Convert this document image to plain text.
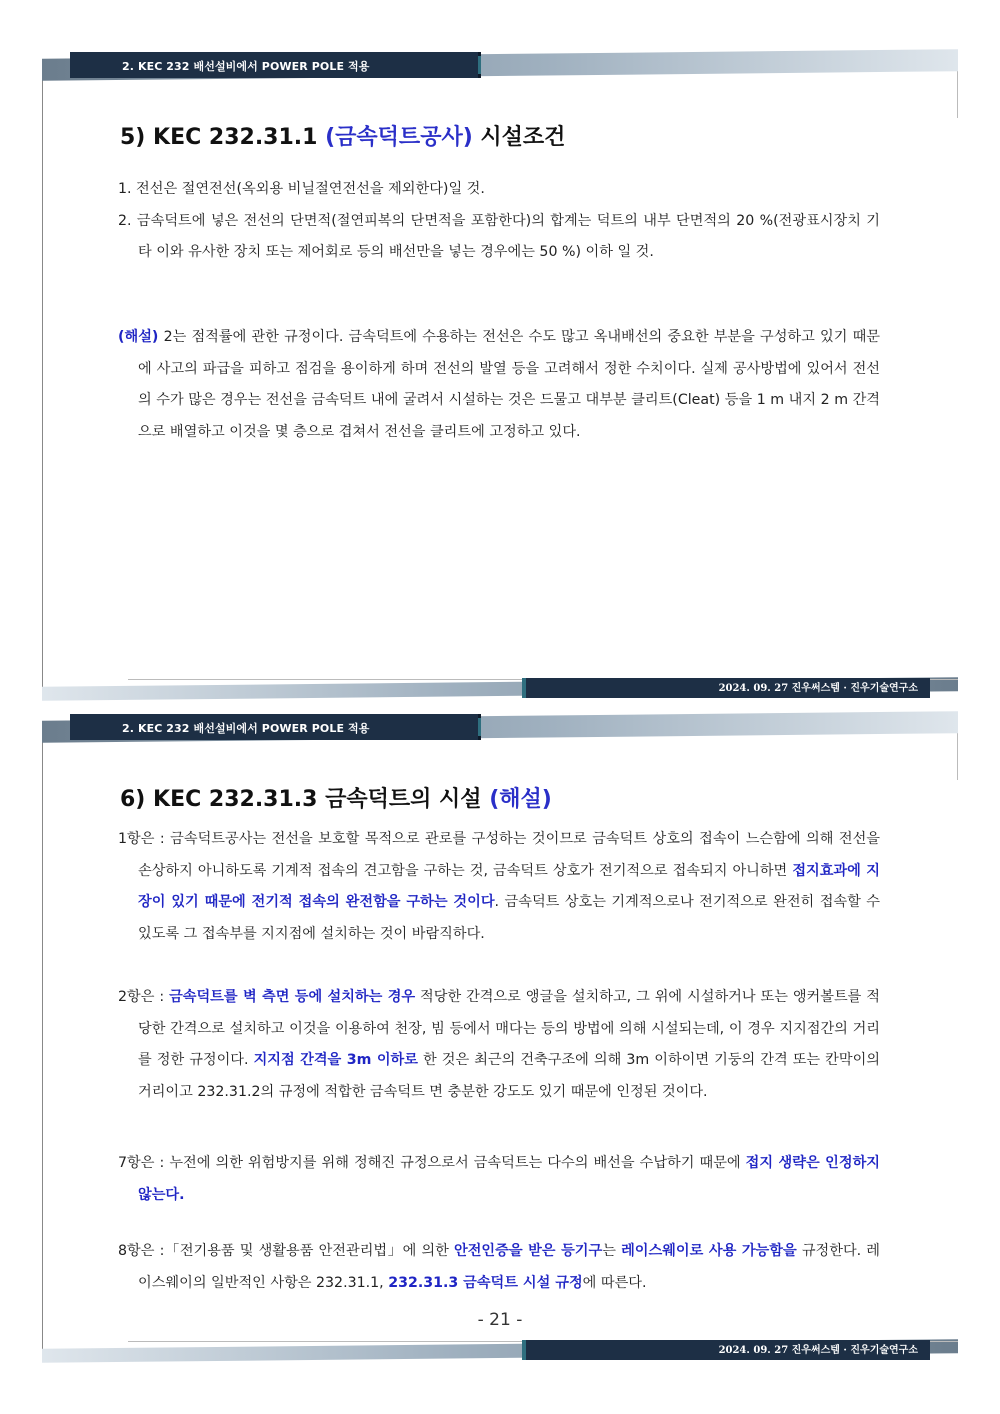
2. KEC 232 배선설비에서 POWER POLE 적용
5) KEC 232.31.1 (금속덕트공사) 시설조건

1. 전선은 절연전선(옥외용 비닐절연전선을 제외한다)일 것.

2. 금속덕트에 넣은 전선의 단면적(절연피복의 단면적을 포함한다)의 합계는 덕트의 내부 단면적의 20 %(전광표시장치 기타 이와 유사한 장치 또는 제어회로 등의 배선만을 넣는 경우에는 50 %) 이하 일 것.

(해설) 2는 점적률에 관한 규정이다. 금속덕트에 수용하는 전선은 수도 많고 옥내배선의 중요한 부분을 구성하고 있기 때문에 사고의 파급을 피하고 점검을 용이하게 하며 전선의 발열 등을 고려해서 정한 수치이다. 실제 공사방법에 있어서 전선의 수가 많은 경우는 전선을 금속덕트 내에 굴려서 시설하는 것은 드물고 대부분 클리트(Cleat) 등을 1 m 내지 2 m 간격으로 배열하고 이것을 몇 층으로 겹쳐서 전선을 클리트에 고정하고 있다.

2024. 09. 27 진우써스템 · 진우기술연구소
2. KEC 232 배선설비에서 POWER POLE 적용
6) KEC 232.31.3 금속덕트의 시설 (해설)

1항은 : 금속덕트공사는 전선을 보호할 목적으로 관로를 구성하는 것이므로 금속덕트 상호의 접속이 느슨함에 의해 전선을 손상하지 아니하도록 기계적 접속의 견고함을 구하는 것, 금속덕트 상호가 전기적으로 접속되지 아니하면 접지효과에 지장이 있기 때문에 전기적 접속의 완전함을 구하는 것이다. 금속덕트 상호는 기계적으로나 전기적으로 완전히 접속할 수 있도록 그 접속부를 지지점에 설치하는 것이 바람직하다.

2항은 : 금속덕트를 벽 측면 등에 설치하는 경우 적당한 간격으로 앵글을 설치하고, 그 위에 시설하거나 또는 앵커볼트를 적당한 간격으로 설치하고 이것을 이용하여 천장, 빔 등에서 매다는 등의 방법에 의해 시설되는데, 이 경우 지지점간의 거리를 정한 규정이다. 지지점 간격을 3m 이하로 한 것은 최근의 건축구조에 의해 3m 이하이면 기둥의 간격 또는 칸막이의 거리이고 232.31.2의 규정에 적합한 금속덕트 면 충분한 강도도 있기 때문에 인정된 것이다.

7항은 : 누전에 의한 위험방지를 위해 정해진 규정으로서 금속덕트는 다수의 배선을 수납하기 때문에 접지 생략은 인정하지 않는다.

8항은 :「전기용품 및 생활용품 안전관리법」에 의한 안전인증을 받은 등기구는 레이스웨이로 사용 가능함을 규정한다. 레이스웨이의 일반적인 사항은 232.31.1, 232.31.3 금속덕트 시설 규정에 따른다.

- 21 -
2024. 09. 27 진우써스템 · 진우기술연구소
